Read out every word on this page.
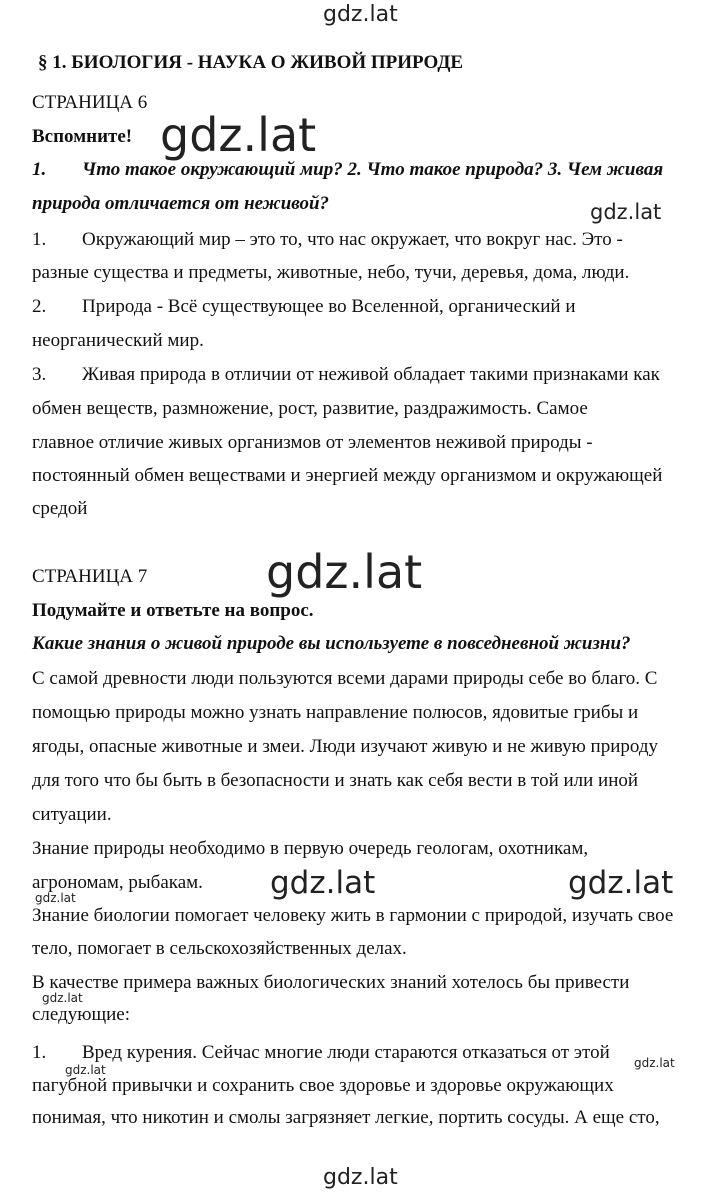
gdz.lat
gdz.lat
gdz.lat
gdz.lat
gdz.lat	gdz.lat
gdz.lat
gdz.lat
gdz.lat
gdz.lat
gdz.lat
§ 1. БИОЛОГИЯ - НАУКА О ЖИВОЙ ПРИРОДЕ
СТРАНИЦА 6
Вспомните!
1. Что такое окружающий мир? 2. Что такое природа? 3. Чем живая
природа отличается от неживой?
1. Окружающий мир – это то, что нас окружает, что вокруг нас. Это -
разные существа и предметы, животные, небо, тучи, деревья, дома, люди.
2. Природа - Всё существующее во Вселенной, органический и
неорганический мир.
3. Живая природа в отличии от неживой обладает такими признаками как
обмен веществ, размножение, рост, развитие, раздражимость. Самое
главное отличие живых организмов от элементов неживой природы -
постоянный обмен веществами и энергией между организмом и окружающей
средой
СТРАНИЦА 7
Подумайте и ответьте на вопрос.
Какие знания о живой природе вы используете в повседневной жизни?
С самой древности люди пользуются всеми дарами природы себе во благо. С
помощью природы можно узнать направление полюсов, ядовитые грибы и
ягоды, опасные животные и змеи. Люди изучают живую и не живую природу
для того что бы быть в безопасности и знать как себя вести в той или иной
ситуации.
Знание природы необходимо в первую очередь геологам, охотникам,
агрономам, рыбакам.
Знание биологии помогает человеку жить в гармонии с природой, изучать свое
тело, помогает в сельскохозяйственных делах.
В качестве примера важных биологических знаний хотелось бы привести
следующие:
1. Вред курения. Сейчас многие люди стараются отказаться от этой
пагубной привычки и сохранить свое здоровье и здоровье окружающих
понимая, что никотин и смолы загрязняет легкие, портить сосуды. А еще сто,
